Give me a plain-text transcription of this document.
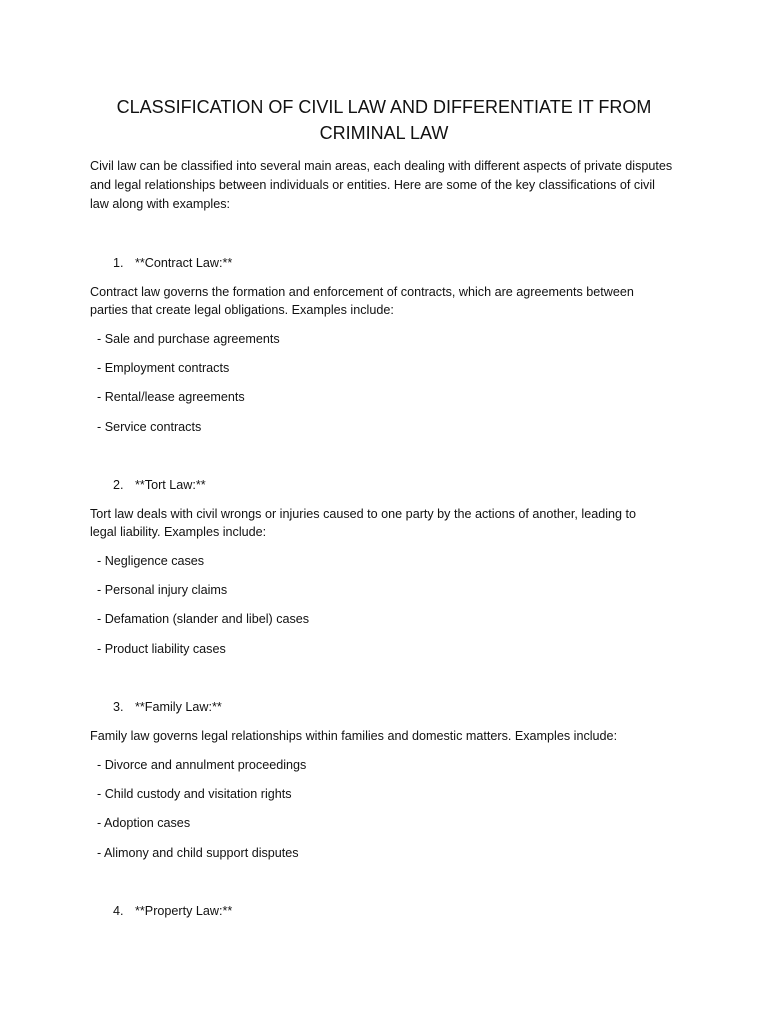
CLASSIFICATION OF CIVIL LAW AND DIFFERENTIATE IT FROM
CRIMINAL LAW
Civil law can be classified into several main areas, each dealing with different aspects of private disputes
and legal relationships between individuals or entities. Here are some of the key classifications of civil
law along with examples:
1. **Contract Law:**
Contract law governs the formation and enforcement of contracts, which are agreements between
parties that create legal obligations. Examples include:
- Sale and purchase agreements
- Employment contracts
- Rental/lease agreements
- Service contracts
2. **Tort Law:**
Tort law deals with civil wrongs or injuries caused to one party by the actions of another, leading to
legal liability. Examples include:
- Negligence cases
- Personal injury claims
- Defamation (slander and libel) cases
- Product liability cases
3. **Family Law:**
Family law governs legal relationships within families and domestic matters. Examples include:
- Divorce and annulment proceedings
- Child custody and visitation rights
- Adoption cases
- Alimony and child support disputes
4. **Property Law:**
